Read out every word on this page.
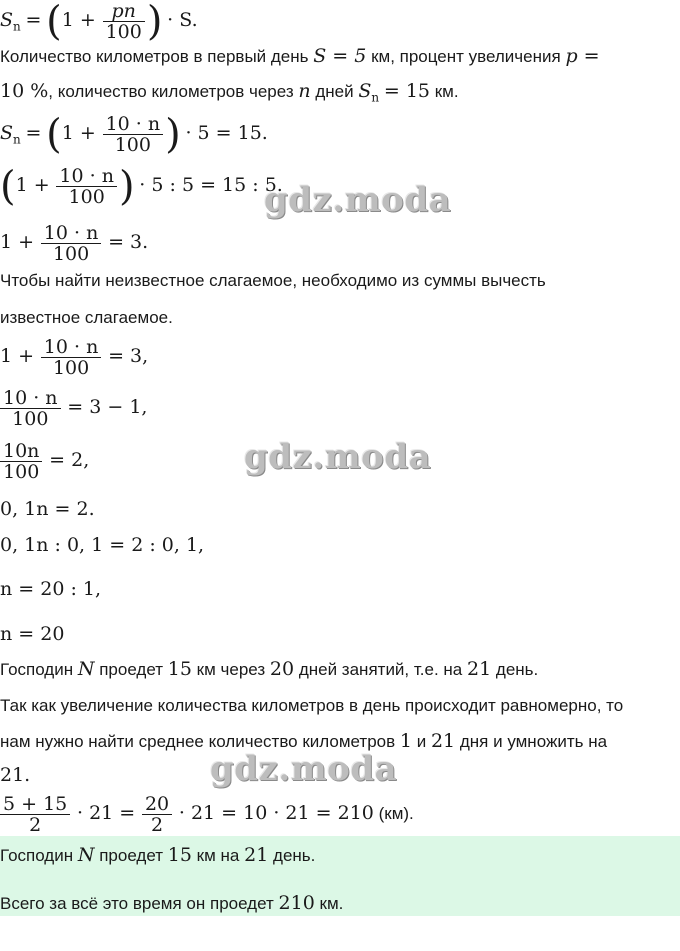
$S_n = (1 + \frac{pn}{100}$ ) · S.
Количество километров в первый день S = 5 км, процент увеличения p =
10 %, количество километров через n дней $S_n = 15$ км.
$S_n = (1 + \frac{10 \cdot n}{100}$ ) · 5 = 15.
($1 + \frac{10 \cdot n}{100}$ ) · 5 : 5 = 15 : 5.
$1 + \frac{10 \cdot n}{100} = 3$.
Чтобы найти неизвестное слагаемое, необходимо из суммы вычесть
известное слагаемое.
$1 + \frac{10 \cdot n}{100} = 3$,
$\frac{10 \cdot n}{100} = 3 - 1$,
$\frac{10n}{100} = 2$,
0, 1n = 2.
0, 1n : 0, 1 = 2 : 0, 1,
n = 20 : 1,
n = 20
Господин N проедет 15 км через 20 дней занятий, т.е. на 21 день.
Так как увеличение количества километров в день происходит равномерно, то
нам нужно найти среднее количество километров 1 и 21 дня и умножить на
21.
$\frac{5 + 15}{2} \cdot 21 = \frac{20}{2} \cdot 21 = 10 \cdot 21 = 210$ (км).
Господин N проедет 15 км на 21 день.
Всего за всё это время он проедет 210 км.
gdz.moda
gdz.moda
gdz.moda
